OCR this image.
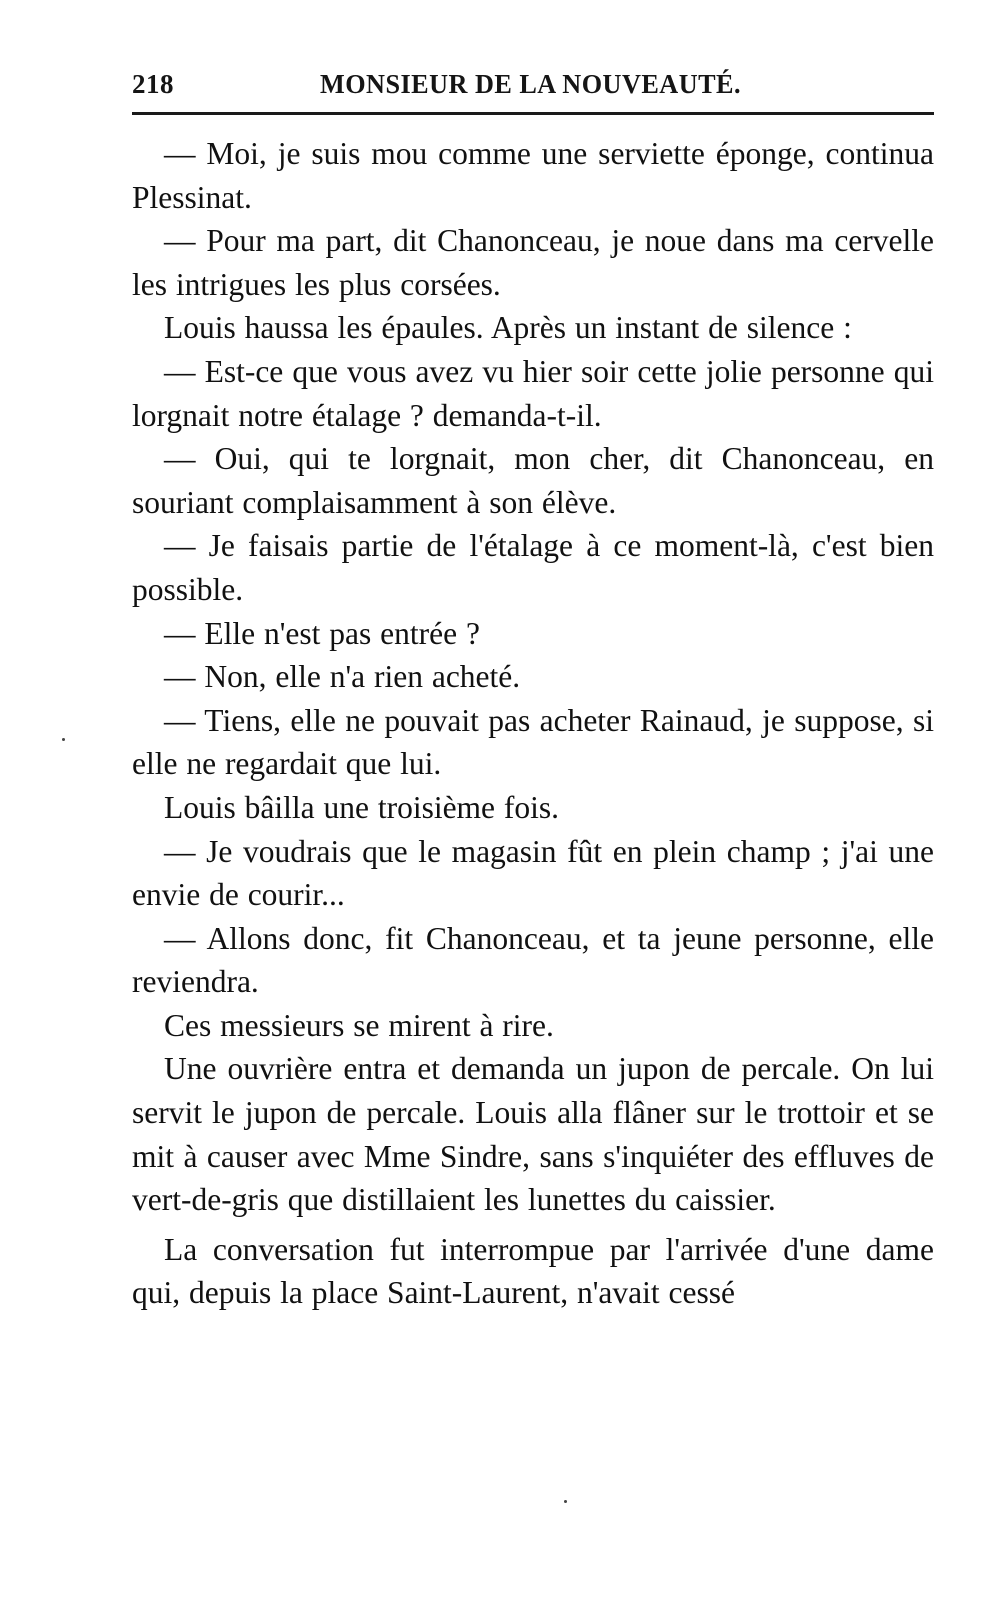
218	MONSIEUR DE LA NOUVEAUTÉ.

— Moi, je suis mou comme une serviette éponge, continua Plessinat.

— Pour ma part, dit Chanonceau, je noue dans ma cervelle les intrigues les plus corsées.

Louis haussa les épaules. Après un instant de silence :

— Est-ce que vous avez vu hier soir cette jolie personne qui lorgnait notre étalage ? demanda-t-il.

— Oui, qui te lorgnait, mon cher, dit Chanonceau, en souriant complaisamment à son élève.

— Je faisais partie de l'étalage à ce moment-là, c'est bien possible.

— Elle n'est pas entrée ?

— Non, elle n'a rien acheté.

— Tiens, elle ne pouvait pas acheter Rainaud, je suppose, si elle ne regardait que lui.

Louis bâilla une troisième fois.

— Je voudrais que le magasin fût en plein champ ; j'ai une envie de courir...

— Allons donc, fit Chanonceau, et ta jeune personne, elle reviendra.

Ces messieurs se mirent à rire.

Une ouvrière entra et demanda un jupon de percale. On lui servit le jupon de percale. Louis alla flâner sur le trottoir et se mit à causer avec Mme Sindre, sans s'inquiéter des effluves de vert-de-gris que distillaient les lunettes du caissier.

La conversation fut interrompue par l'arrivée d'une dame qui, depuis la place Saint-Laurent, n'avait cessé
